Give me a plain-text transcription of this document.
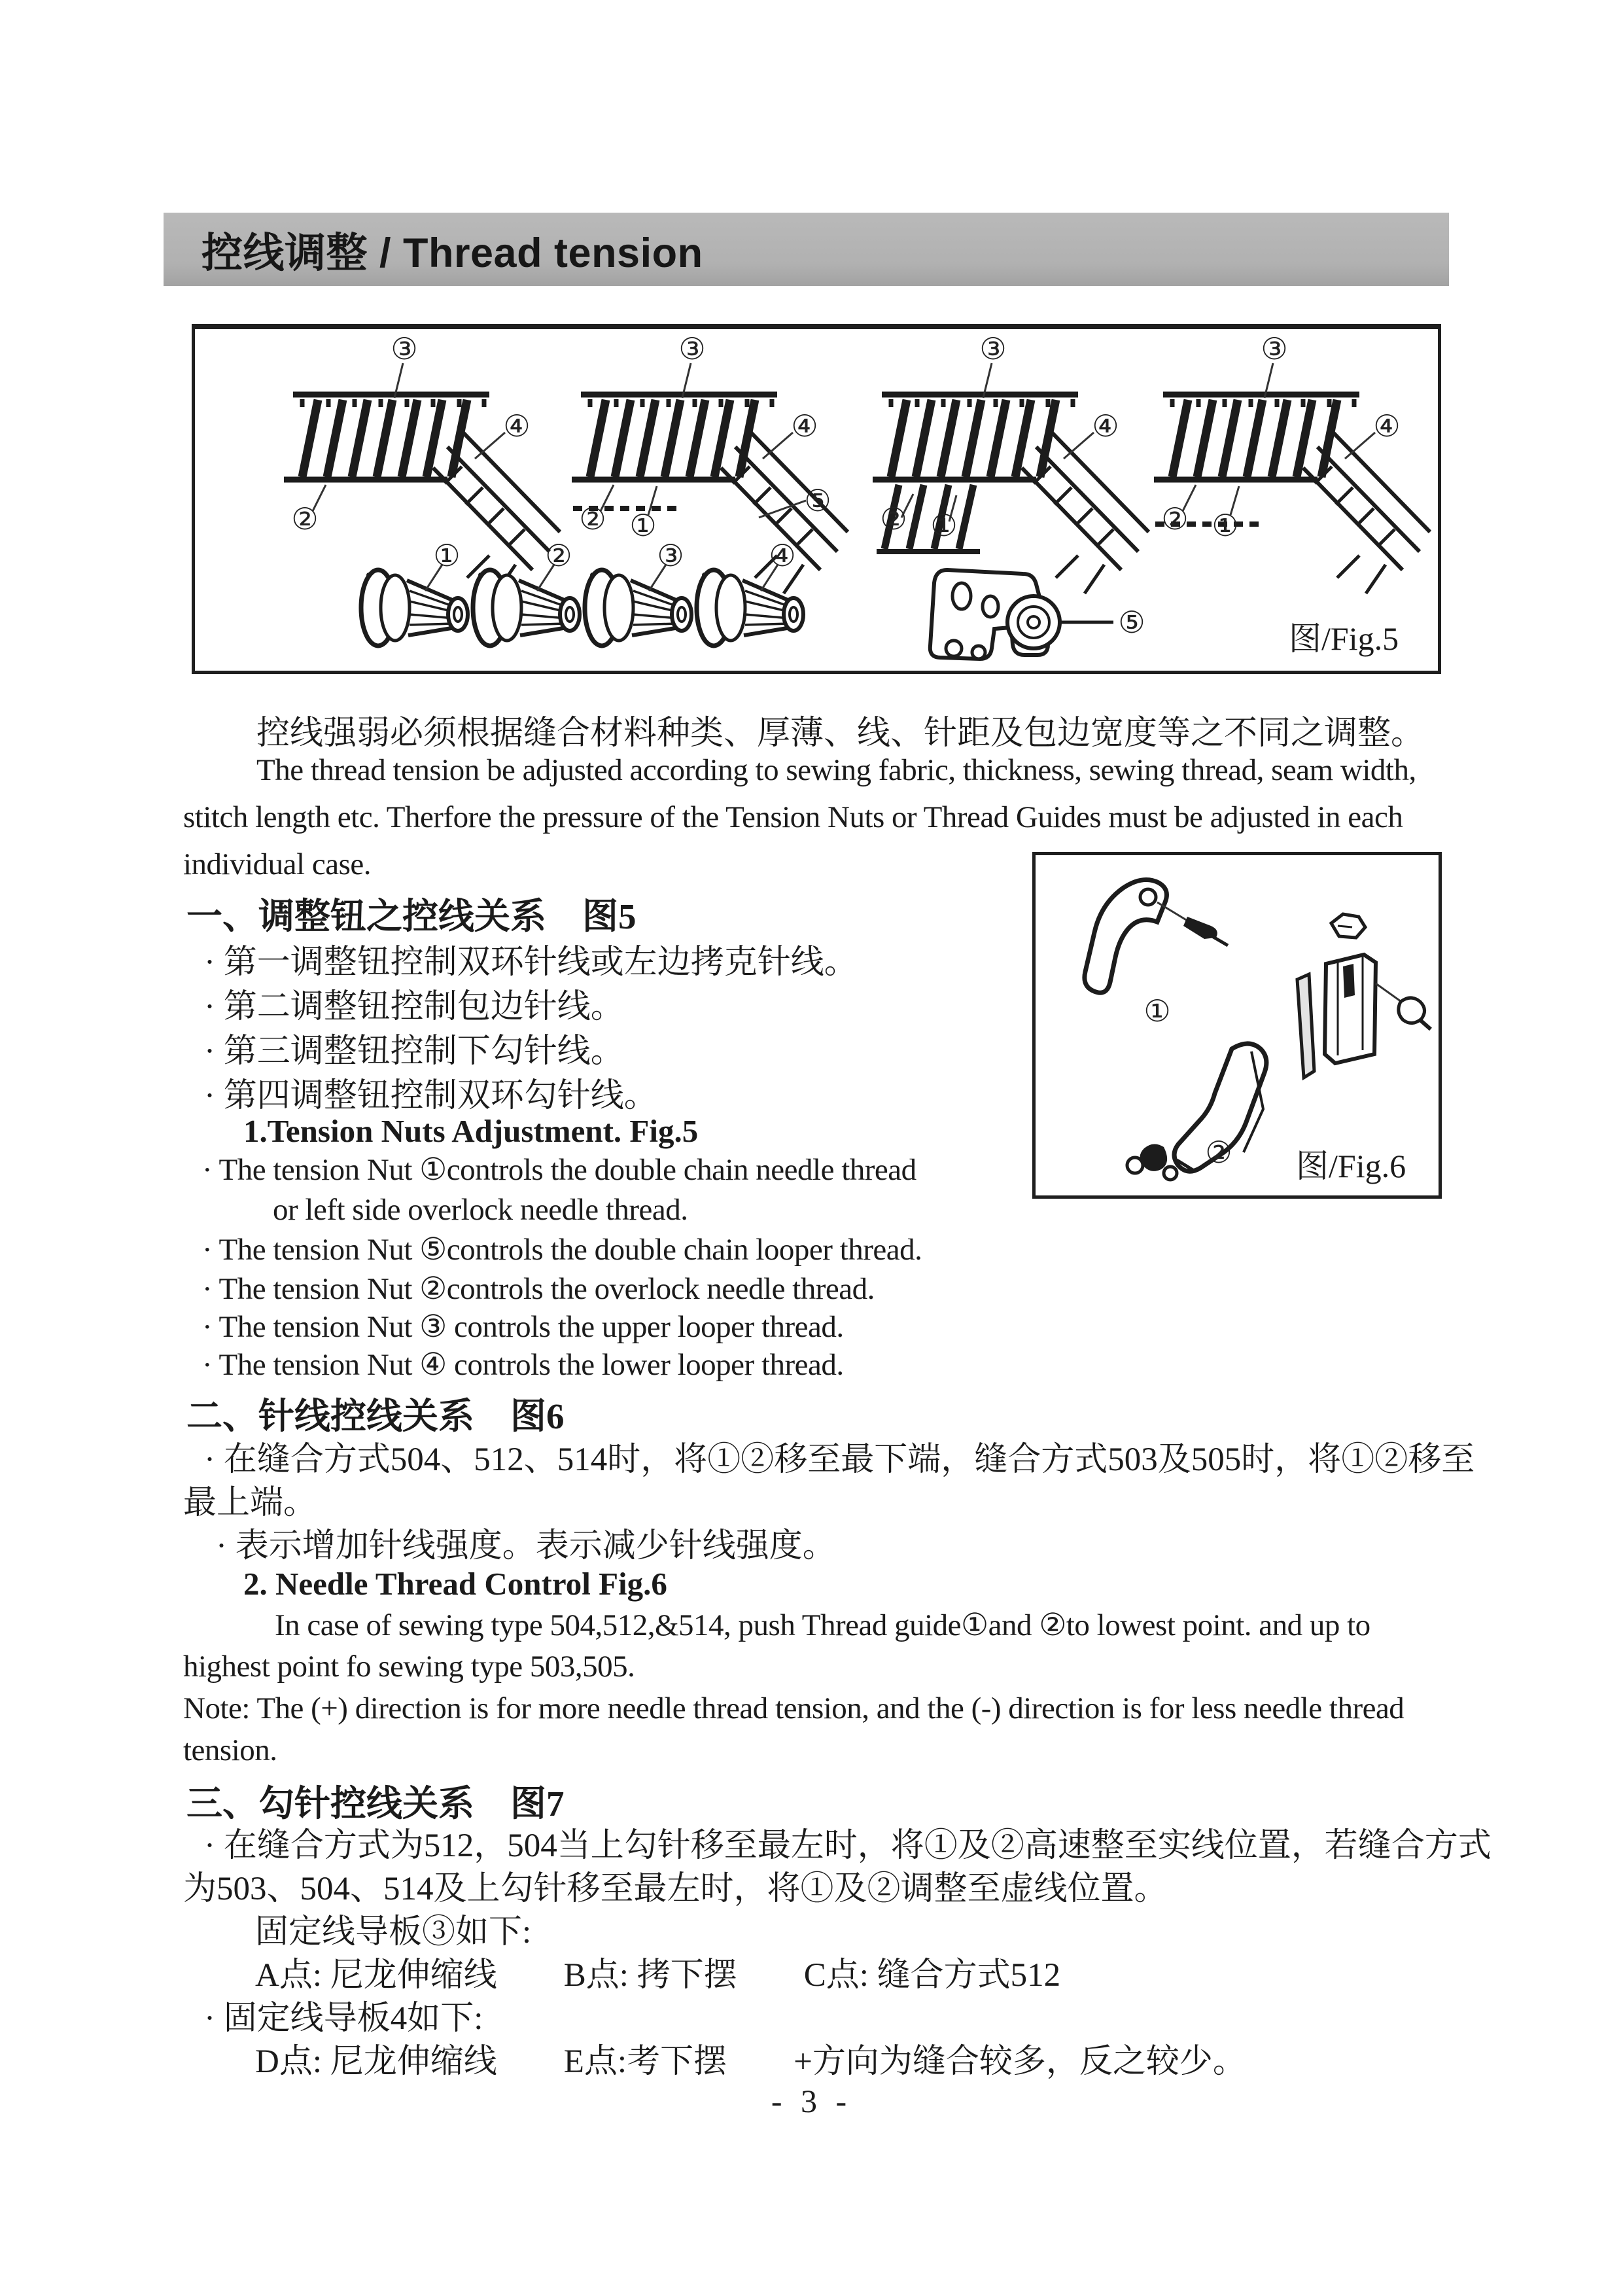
控线调整 / Thread tension
③
④
②
③
④
⑤
② ①
③
④
② ①
③
④
② ①
①	②	③	④
⑤	图/Fig.5
控线强弱必须根据缝合材料种类、厚薄、线、针距及包边宽度等之不同之调整。
The thread tension be adjusted according to sewing fabric, thickness, sewing thread, seam width,
stitch length etc. Therfore the pressure of the Tension Nuts or Thread Guides must be adjusted in each
individual case.
一、调整钮之控线关系　图5
· 第一调整钮控制双环针线或左边拷克针线。
· 第二调整钮控制包边针线。
· 第三调整钮控制下勾针线。
· 第四调整钮控制双环勾针线。
1.Tension Nuts Adjustment. Fig.5
· The tension Nut ①controls the double chain needle thread
or left side overlock needle thread.
· The tension Nut ⑤controls the double chain looper thread.
· The tension Nut ②controls the overlock needle thread.
· The tension Nut ③ controls the upper looper thread.
· The tension Nut ④ controls the lower looper thread.
①
② 图/Fig.6
二、针线控线关系　图6
· 在缝合方式504、512、514时，将①②移至最下端，缝合方式503及505时，将①②移至
最上端。
· 表示增加针线强度。表示减少针线强度。
2. Needle Thread Control Fig.6
In case of sewing type 504,512,&514, push Thread guide①and ②to lowest point. and up to
highest point fo sewing type 503,505.
Note: The (+) direction is for more needle thread tension, and the (-) direction is for less needle thread
tension.
三、勾针控线关系　图7
· 在缝合方式为512，504当上勾针移至最左时，将①及②高速整至实线位置，若缝合方式
为503、504、514及上勾针移至最左时，将①及②调整至虚线位置。
固定线导板③如下:
A点: 尼龙伸缩线　　B点: 拷下摆　　C点: 缝合方式512
· 固定线导板4如下:
D点: 尼龙伸缩线　　E点:考下摆　　+方向为缝合较多，反之较少。
- 3 -
